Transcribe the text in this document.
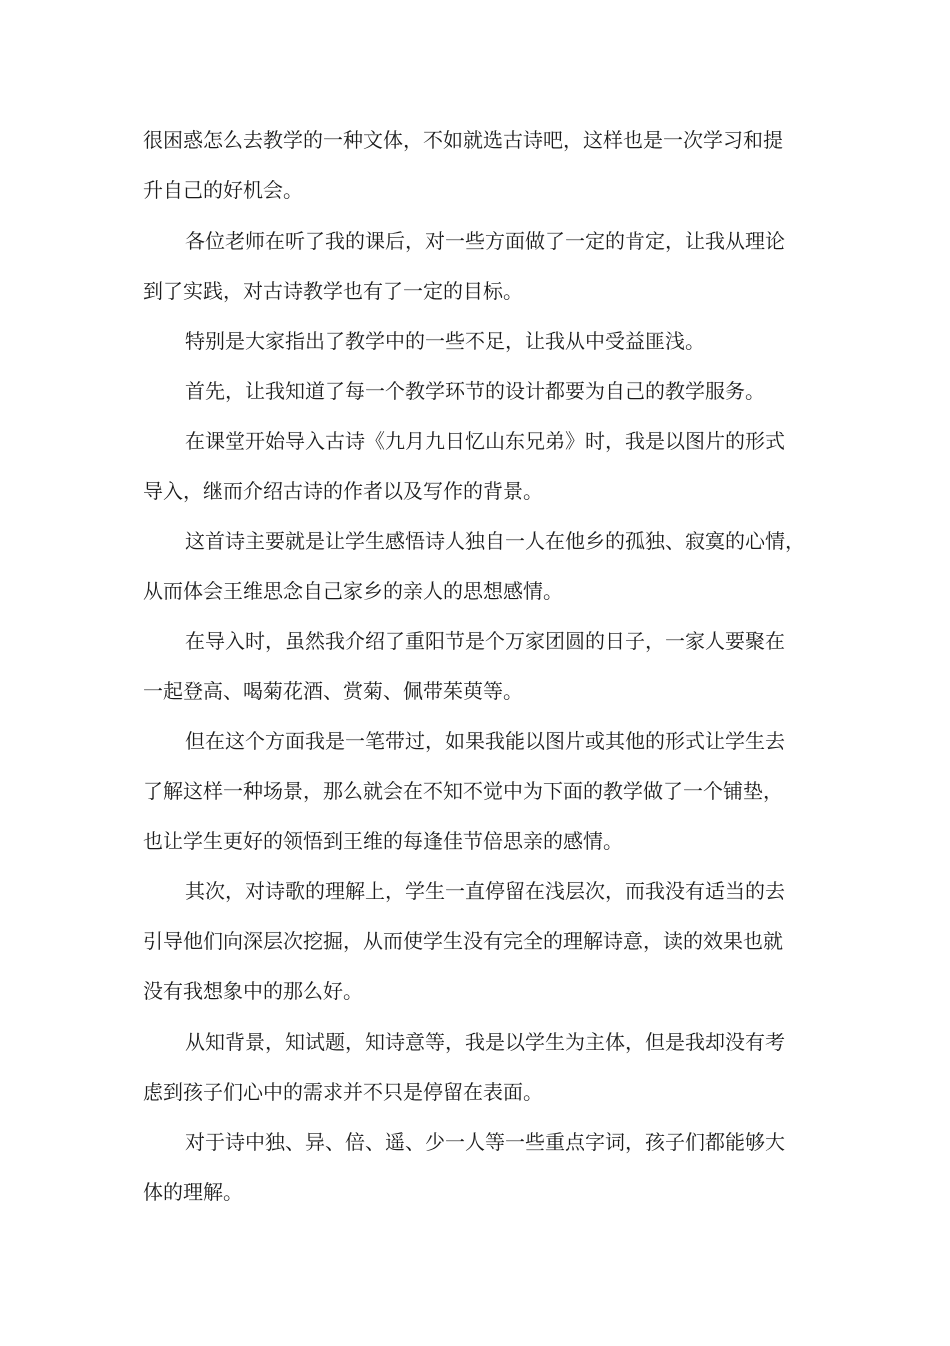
很困惑怎么去教学的一种文体，不如就选古诗吧，这样也是一次学习和提
升自己的好机会。
各位老师在听了我的课后，对一些方面做了一定的肯定，让我从理论
到了实践，对古诗教学也有了一定的目标。
特别是大家指出了教学中的一些不足，让我从中受益匪浅。
首先，让我知道了每一个教学环节的设计都要为自己的教学服务。
在课堂开始导入古诗《九月九日忆山东兄弟》时，我是以图片的形式
导入，继而介绍古诗的作者以及写作的背景。
这首诗主要就是让学生感悟诗人独自一人在他乡的孤独、寂寞的心情，
从而体会王维思念自己家乡的亲人的思想感情。
在导入时，虽然我介绍了重阳节是个万家团圆的日子，一家人要聚在
一起登高、喝菊花酒、赏菊、佩带茱萸等。
但在这个方面我是一笔带过，如果我能以图片或其他的形式让学生去
了解这样一种场景，那么就会在不知不觉中为下面的教学做了一个铺垫，
也让学生更好的领悟到王维的每逢佳节倍思亲的感情。
其次，对诗歌的理解上，学生一直停留在浅层次，而我没有适当的去
引导他们向深层次挖掘，从而使学生没有完全的理解诗意，读的效果也就
没有我想象中的那么好。
从知背景，知试题，知诗意等，我是以学生为主体，但是我却没有考
虑到孩子们心中的需求并不只是停留在表面。
对于诗中独、异、倍、遥、少一人等一些重点字词，孩子们都能够大
体的理解。
